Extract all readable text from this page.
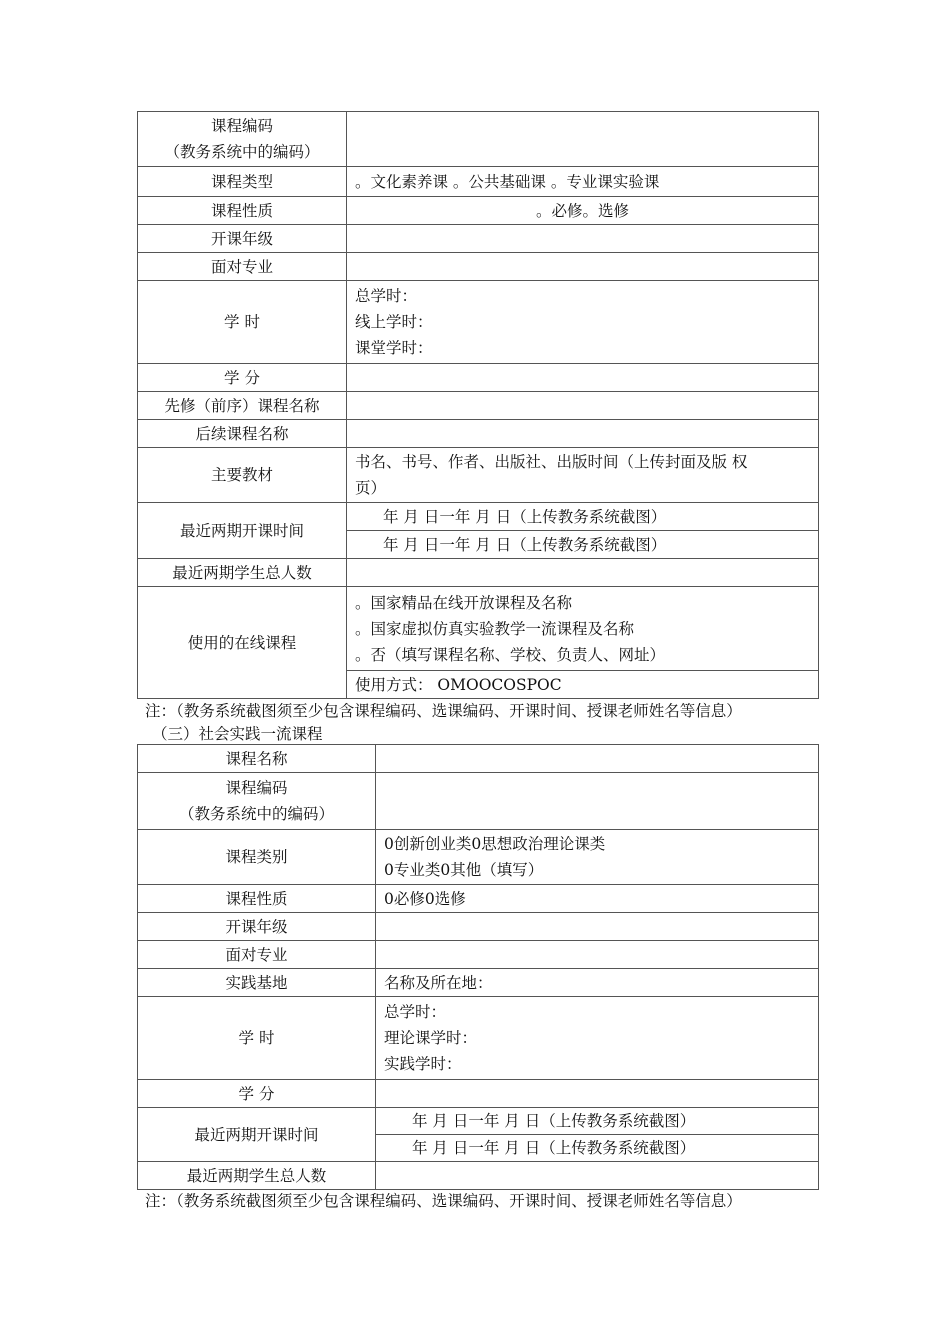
课程编码
（教务系统中的编码）	

课程类型	。文化素养课 。公共基础课 。专业课实验课
课程性质	。必修。选修
开课年级	
面对专业	
学 时	总学时：
线上学时：
课堂学时：

学 分	
先修（前序）课程名称	
后续课程名称	
主要教材	书名、书号、作者、出版社、出版时间（上传封面及版 权
页）

最近两期开课时间	年 月 日一年 月 日（上传教务系统截图）
	年 月 日一年 月 日（上传教务系统截图）
最近两期学生总人数	
使用的在线课程	。国家精品在线开放课程及名称
。国家虚拟仿真实验教学一流课程及名称
。否（填写课程名称、学校、负责人、网址）

	使用方式： OMOOCOSPOC
注：（教务系统截图须至少包含课程编码、选课编码、开课时间、授课老师姓名等信息）
（三）社会实践一流课程
课程名称	

课程编码
（教务系统中的编码）	

课程类别	0创新创业类0思想政治理论课类
0专业类0其他（填写）

课程性质	0必修0选修
开课年级	
面对专业	
实践基地	名称及所在地：
学 时	总学时：
理论课学时：
实践学时：

学 分	
最近两期开课时间	年 月 日一年 月 日（上传教务系统截图）
	年 月 日一年 月 日（上传教务系统截图）
最近两期学生总人数	
注：（教务系统截图须至少包含课程编码、选课编码、开课时间、授课老师姓名等信息）
